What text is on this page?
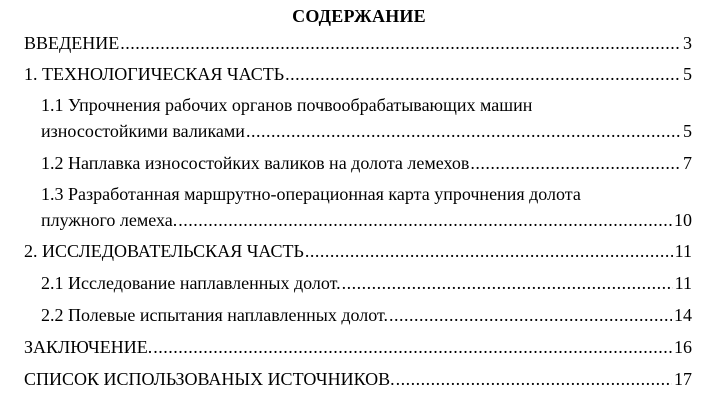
СОДЕРЖАНИЕ
ВВЕДЕНИЕ .....	3
1. ТЕХНОЛОГИЧЕСКАЯ ЧАСТЬ .....	5
1.1 Упрочнения рабочих органов почвообрабатывающих машин
износостойкими валиками .....	5
1.2 Наплавка износостойких валиков на долота лемехов .....	7
1.3 Разработанная маршрутно-операционная карта упрочнения долота
плужного лемеха. .....	10
2. ИССЛЕДОВАТЕЛЬСКАЯ ЧАСТЬ .....	11
2.1 Исследование наплавленных долот. .....	11
2.2 Полевые испытания наплавленных долот. .....	14
ЗАКЛЮЧЕНИЕ. .....	16
СПИСОК ИСПОЛЬЗОВАНЫХ ИСТОЧНИКОВ. .....	17
